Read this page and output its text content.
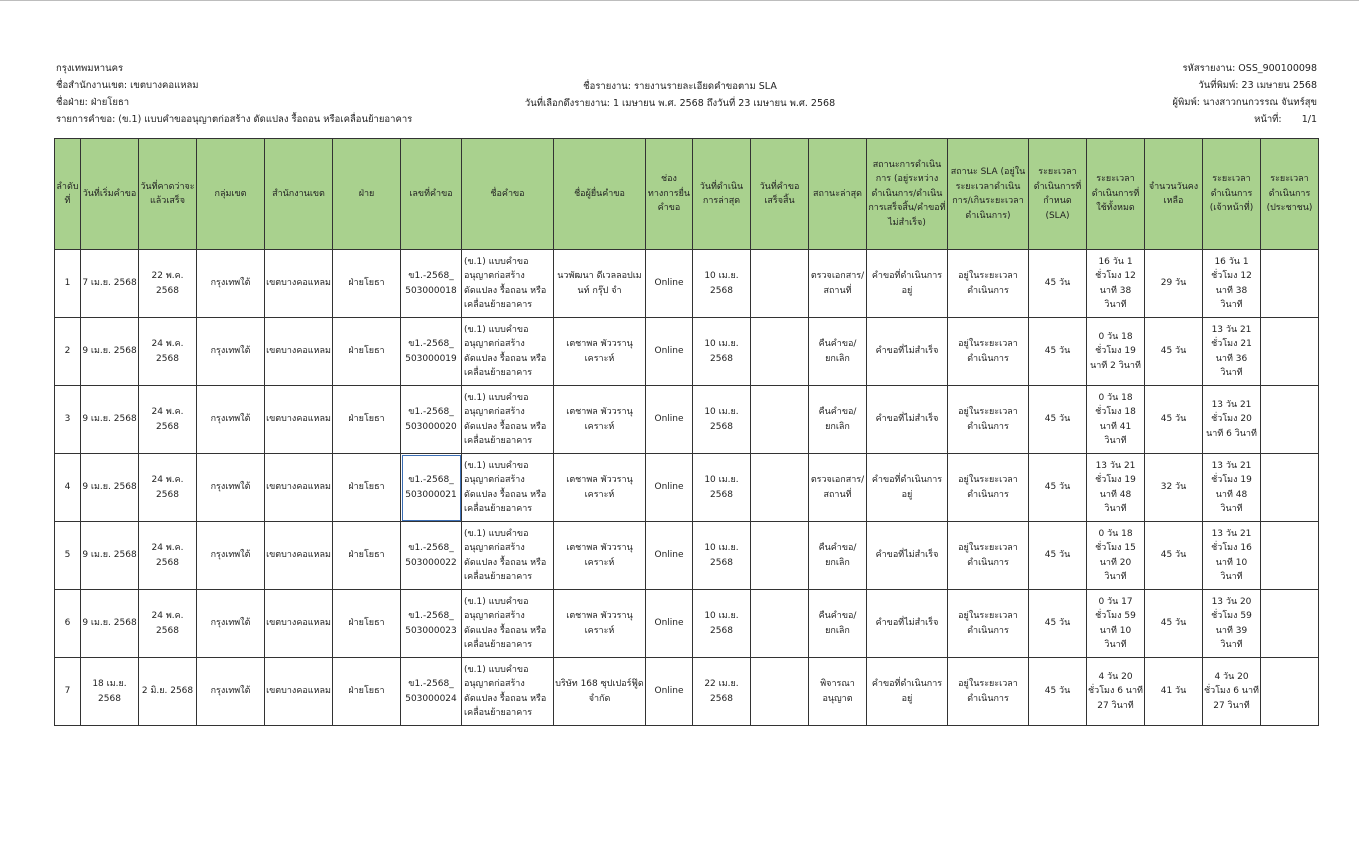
กรุงเทพมหานคร
ชื่อสำนักงานเขต: เขตบางคอแหลม
ชื่อฝ่าย: ฝ่ายโยธา
รายการคำขอ: (ข.1) แบบคำขออนุญาตก่อสร้าง ดัดแปลง รื้อถอน หรือเคลื่อนย้ายอาคาร
ชื่อรายงาน: รายงานรายละเอียดคำขอตาม SLA
วันที่เลือกดึงรายงาน: 1 เมษายน พ.ศ. 2568 ถึงวันที่ 23 เมษายน พ.ศ. 2568
รหัสรายงาน: OSS_900100098
วันที่พิมพ์: 23 เมษายน 2568
ผู้พิมพ์: นางสาวกนกวรรณ จันทร์สุข
หน้าที่: 1/1
ลำดับที่	วันที่เริ่มคำขอ	วันที่คาดว่าจะแล้วเสร็จ	กลุ่มเขต	สำนักงานเขต	ฝ่าย	เลขที่คำขอ	ชื่อคำขอ	ชื่อผู้ยื่นคำขอ	ช่องทางการยื่นคำขอ	วันที่ดำเนินการล่าสุด	วันที่คำขอเสร็จสิ้น	สถานะล่าสุด	สถานะการดำเนินการ (อยู่ระหว่างดำเนินการ/ดำเนินการเสร็จสิ้น/คำขอที่ไม่สำเร็จ)	สถานะ SLA (อยู่ในระยะเวลาดำเนินการ/เกินระยะเวลาดำเนินการ)	ระยะเวลาดำเนินการที่กำหนด (SLA)	ระยะเวลาดำเนินการที่ใช้ทั้งหมด	จำนวนวันคงเหลือ	ระยะเวลาดำเนินการ (เจ้าหน้าที่)	ระยะเวลาดำเนินการ (ประชาชน)
1	7 เม.ย. 2568	22 พ.ค. 2568	กรุงเทพใต้	เขตบางคอแหลม	ฝ่ายโยธา	ข1.-2568_ 503000018	(ข.1) แบบคำขออนุญาตก่อสร้าง ดัดแปลง รื้อถอน หรือเคลื่อนย้ายอาคาร	นวพัฒนา ดีเวลลอปเมนท์ กรุ๊ป จำ	Online	10 เม.ย. 2568		ตรวจเอกสาร/สถานที่	คำขอที่ดำเนินการอยู่	อยู่ในระยะเวลาดำเนินการ	45 วัน	16 วัน 1 ชั่วโมง 12 นาที 38 วินาที	29 วัน	16 วัน 1 ชั่วโมง 12 นาที 38 วินาที	
2	9 เม.ย. 2568	24 พ.ค. 2568	กรุงเทพใต้	เขตบางคอแหลม	ฝ่ายโยธา	ข1.-2568_ 503000019	(ข.1) แบบคำขออนุญาตก่อสร้าง ดัดแปลง รื้อถอน หรือเคลื่อนย้ายอาคาร	เตชาพล พัววรานุเคราะห์	Online	10 เม.ย. 2568		คืนคำขอ/ยกเลิก	คำขอที่ไม่สำเร็จ	อยู่ในระยะเวลาดำเนินการ	45 วัน	0 วัน 18 ชั่วโมง 19 นาที 2 วินาที	45 วัน	13 วัน 21 ชั่วโมง 21 นาที 36 วินาที	
3	9 เม.ย. 2568	24 พ.ค. 2568	กรุงเทพใต้	เขตบางคอแหลม	ฝ่ายโยธา	ข1.-2568_ 503000020	(ข.1) แบบคำขออนุญาตก่อสร้าง ดัดแปลง รื้อถอน หรือเคลื่อนย้ายอาคาร	เตชาพล พัววรานุเคราะห์	Online	10 เม.ย. 2568		คืนคำขอ/ยกเลิก	คำขอที่ไม่สำเร็จ	อยู่ในระยะเวลาดำเนินการ	45 วัน	0 วัน 18 ชั่วโมง 18 นาที 41 วินาที	45 วัน	13 วัน 21 ชั่วโมง 20 นาที 6 วินาที	
4	9 เม.ย. 2568	24 พ.ค. 2568	กรุงเทพใต้	เขตบางคอแหลม	ฝ่ายโยธา	ข1.-2568_ 503000021	(ข.1) แบบคำขออนุญาตก่อสร้าง ดัดแปลง รื้อถอน หรือเคลื่อนย้ายอาคาร	เตชาพล พัววรานุเคราะห์	Online	10 เม.ย. 2568		ตรวจเอกสาร/สถานที่	คำขอที่ดำเนินการอยู่	อยู่ในระยะเวลาดำเนินการ	45 วัน	13 วัน 21 ชั่วโมง 19 นาที 48 วินาที	32 วัน	13 วัน 21 ชั่วโมง 19 นาที 48 วินาที	
5	9 เม.ย. 2568	24 พ.ค. 2568	กรุงเทพใต้	เขตบางคอแหลม	ฝ่ายโยธา	ข1.-2568_ 503000022	(ข.1) แบบคำขออนุญาตก่อสร้าง ดัดแปลง รื้อถอน หรือเคลื่อนย้ายอาคาร	เตชาพล พัววรานุเคราะห์	Online	10 เม.ย. 2568		คืนคำขอ/ยกเลิก	คำขอที่ไม่สำเร็จ	อยู่ในระยะเวลาดำเนินการ	45 วัน	0 วัน 18 ชั่วโมง 15 นาที 20 วินาที	45 วัน	13 วัน 21 ชั่วโมง 16 นาที 10 วินาที	
6	9 เม.ย. 2568	24 พ.ค. 2568	กรุงเทพใต้	เขตบางคอแหลม	ฝ่ายโยธา	ข1.-2568_ 503000023	(ข.1) แบบคำขออนุญาตก่อสร้าง ดัดแปลง รื้อถอน หรือเคลื่อนย้ายอาคาร	เตชาพล พัววรานุเคราะห์	Online	10 เม.ย. 2568		คืนคำขอ/ยกเลิก	คำขอที่ไม่สำเร็จ	อยู่ในระยะเวลาดำเนินการ	45 วัน	0 วัน 17 ชั่วโมง 59 นาที 10 วินาที	45 วัน	13 วัน 20 ชั่วโมง 59 นาที 39 วินาที	
7	18 เม.ย. 2568	2 มิ.ย. 2568	กรุงเทพใต้	เขตบางคอแหลม	ฝ่ายโยธา	ข1.-2568_ 503000024	(ข.1) แบบคำขออนุญาตก่อสร้าง ดัดแปลง รื้อถอน หรือเคลื่อนย้ายอาคาร	บริษัท 168 ซุปเปอร์ฟู๊ด จำกัด	Online	22 เม.ย. 2568		พิจารณาอนุญาต	คำขอที่ดำเนินการอยู่	อยู่ในระยะเวลาดำเนินการ	45 วัน	4 วัน 20 ชั่วโมง 6 นาที 27 วินาที	41 วัน	4 วัน 20 ชั่วโมง 6 นาที 27 วินาที	
